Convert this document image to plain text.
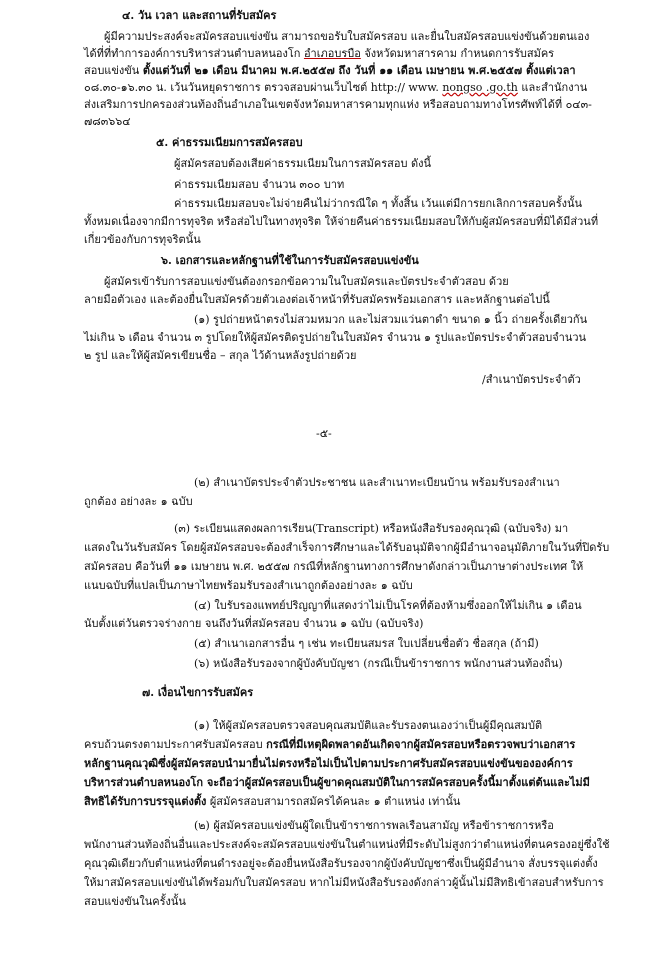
๔. วัน เวลา และสถานที่รับสมัคร
ผู้มีความประสงค์จะสมัครสอบแข่งขัน สามารถขอรับใบสมัครสอบ และยื่นใบสมัครสอบแข่งขันด้วยตนเอง
ได้ที่ที่ทำการองค์การบริหารส่วนตำบลหนองโก อำเภอบรบือ จังหวัดมหาสารคาม กำหนดการรับสมัคร
สอบแข่งขัน ตั้งแต่วันที่ ๒๑ เดือน มีนาคม พ.ศ.๒๕๕๗ ถึง วันที่ ๑๑ เดือน เมษายน พ.ศ.๒๕๕๗ ตั้งแต่เวลา
๐๘.๓๐-๑๖.๓๐ น. เว้นวันหยุดราชการ ตรวจสอบผ่านเว็บไซต์ http:// www. nongso .go.th และสำนักงาน
ส่งเสริมการปกครองส่วนท้องถิ่นอำเภอในเขตจังหวัดมหาสารคามทุกแห่ง หรือสอบถามทางโทรศัพท์ได้ที่ ๐๔๓-
๗๘๓๖๖๔
๕. ค่าธรรมเนียมการสมัครสอบ
ผู้สมัครสอบต้องเสียค่าธรรมเนียมในการสมัครสอบ ดังนี้
ค่าธรรมเนียมสอบ จำนวน ๓๐๐ บาท
ค่าธรรมเนียมสอบจะไม่จ่ายคืนไม่ว่ากรณีใด ๆ ทั้งสิ้น เว้นแต่มีการยกเลิกการสอบครั้งนั้น
ทั้งหมดเนื่องจากมีการทุจริต หรือส่อไปในทางทุจริต ให้จ่ายคืนค่าธรรมเนียมสอบให้กับผู้สมัครสอบที่มิได้มีส่วนที่
เกี่ยวข้องกับการทุจริตนั้น
๖. เอกสารและหลักฐานที่ใช้ในการรับสมัครสอบแข่งขัน
ผู้สมัครเข้ารับการสอบแข่งขันต้องกรอกข้อความในใบสมัครและบัตรประจำตัวสอบ ด้วย
ลายมือตัวเอง และต้องยื่นใบสมัครด้วยตัวเองต่อเจ้าหน้าที่รับสมัครพร้อมเอกสาร และหลักฐานต่อไปนี้
(๑) รูปถ่ายหน้าตรงไม่สวมหมวก และไม่สวมแว่นตาดำ ขนาด ๑ นิ้ว ถ่ายครั้งเดียวกัน
ไม่เกิน ๖ เดือน จำนวน ๓ รูปโดยให้ผู้สมัครติดรูปถ่ายในใบสมัคร จำนวน ๑ รูปและบัตรประจำตัวสอบจำนวน
๒ รูป และให้ผู้สมัครเขียนชื่อ – สกุล ไว้ด้านหลังรูปถ่ายด้วย
/สำเนาบัตรประจำตัว
-๕-
(๒) สำเนาบัตรประจำตัวประชาชน และสำเนาทะเบียนบ้าน พร้อมรับรองสำเนา
ถูกต้อง อย่างละ ๑ ฉบับ
(๓) ระเบียนแสดงผลการเรียน(Transcript) หรือหนังสือรับรองคุณวุฒิ (ฉบับจริง) มา
แสดงในวันรับสมัคร โดยผู้สมัครสอบจะต้องสำเร็จการศึกษาและได้รับอนุมัติจากผู้มีอำนาจอนุมัติภายในวันที่ปิดรับ
สมัครสอบ คือวันที่ ๑๑ เมษายน พ.ศ. ๒๕๕๗ กรณีที่หลักฐานทางการศึกษาดังกล่าวเป็นภาษาต่างประเทศ ให้
แนบฉบับที่แปลเป็นภาษาไทยพร้อมรับรองสำเนาถูกต้องอย่างละ ๑ ฉบับ
(๔) ใบรับรองแพทย์ปริญญาที่แสดงว่าไม่เป็นโรคที่ต้องห้ามซึ่งออกให้ไม่เกิน ๑ เดือน
นับตั้งแต่วันตรวจร่างกาย จนถึงวันที่สมัครสอบ จำนวน ๑ ฉบับ (ฉบับจริง)
(๕) สำเนาเอกสารอื่น ๆ เช่น ทะเบียนสมรส ใบเปลี่ยนชื่อตัว ชื่อสกุล (ถ้ามี)
(๖) หนังสือรับรองจากผู้บังคับบัญชา (กรณีเป็นข้าราชการ พนักงานส่วนท้องถิ่น)
๗. เงื่อนไขการรับสมัคร
(๑) ให้ผู้สมัครสอบตรวจสอบคุณสมบัติและรับรองตนเองว่าเป็นผู้มีคุณสมบัติ
ครบถ้วนตรงตามประกาศรับสมัครสอบ กรณีที่มีเหตุผิดพลาดอันเกิดจากผู้สมัครสอบหรือตรวจพบว่าเอกสาร
หลักฐานคุณวุฒิซึ่งผู้สมัครสอบนำมายื่นไม่ตรงหรือไม่เป็นไปตามประกาศรับสมัครสอบแข่งขันขององค์การ
บริหารส่วนตำบลหนองโก จะถือว่าผู้สมัครสอบเป็นผู้ขาดคุณสมบัติในการสมัครสอบครั้งนี้มาตั้งแต่ต้นและไม่มี
สิทธิได้รับการบรรจุแต่งตั้ง ผู้สมัครสอบสามารถสมัครได้คนละ ๑ ตำแหน่ง เท่านั้น
(๒) ผู้สมัครสอบแข่งขันผู้ใดเป็นข้าราชการพลเรือนสามัญ หรือข้าราชการหรือ
พนักงานส่วนท้องถิ่นอื่นและประสงค์จะสมัครสอบแข่งขันในตำแหน่งที่มีระดับไม่สูงกว่าตำแหน่งที่ตนครองอยู่ซึ่งใช้
คุณวุฒิเดียวกับตำแหน่งที่ตนดำรงอยู่จะต้องยื่นหนังสือรับรองจากผู้บังคับบัญชาซึ่งเป็นผู้มีอำนาจ สั่งบรรจุแต่งตั้ง
ให้มาสมัครสอบแข่งขันได้พร้อมกับใบสมัครสอบ หากไม่มีหนังสือรับรองดังกล่าวผู้นั้นไม่มีสิทธิเข้าสอบสำหรับการ
สอบแข่งขันในครั้งนั้น
